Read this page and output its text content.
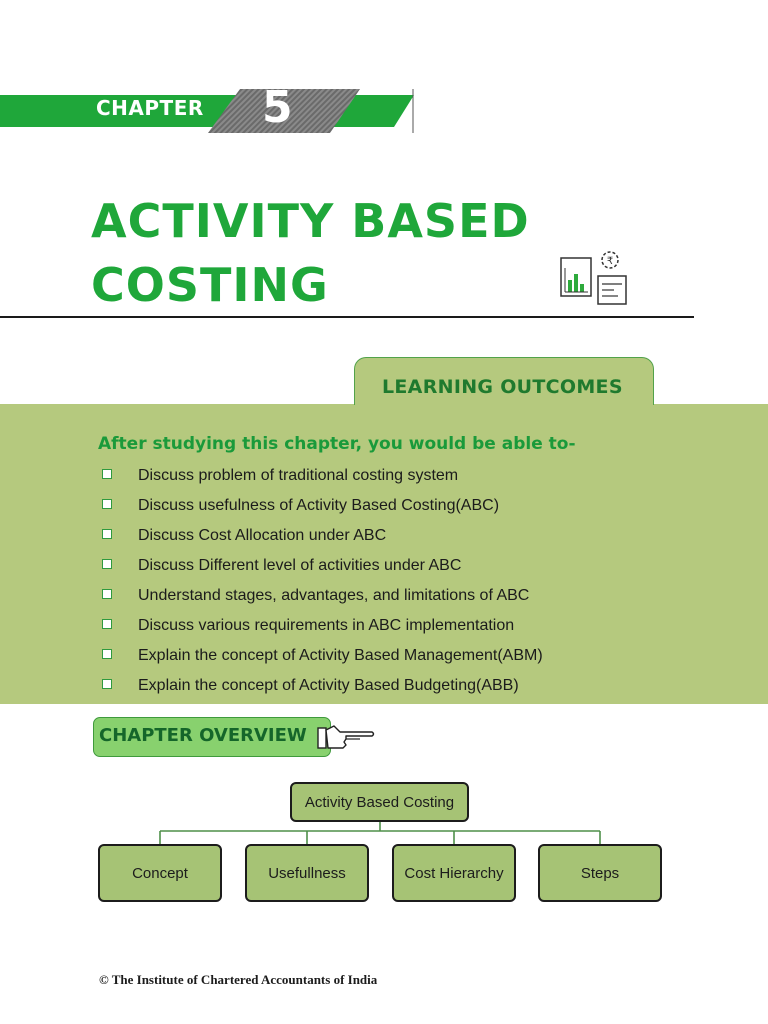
CHAPTER 5
ACTIVITY BASED
COSTING	₹
LEARNING OUTCOMES
After studying this chapter, you would be able to-
Discuss problem of traditional costing system
Discuss usefulness of Activity Based Costing(ABC)
Discuss Cost Allocation under ABC
Discuss Different level of activities under ABC
Understand stages, advantages, and limitations of ABC
Discuss various requirements in ABC implementation
Explain the concept of Activity Based Management(ABM)
Explain the concept of Activity Based Budgeting(ABB)
CHAPTER OVERVIEW
Activity Based Costing
Concept	Usefullness	Cost Hierarchy	Steps
© The Institute of Chartered Accountants of India
